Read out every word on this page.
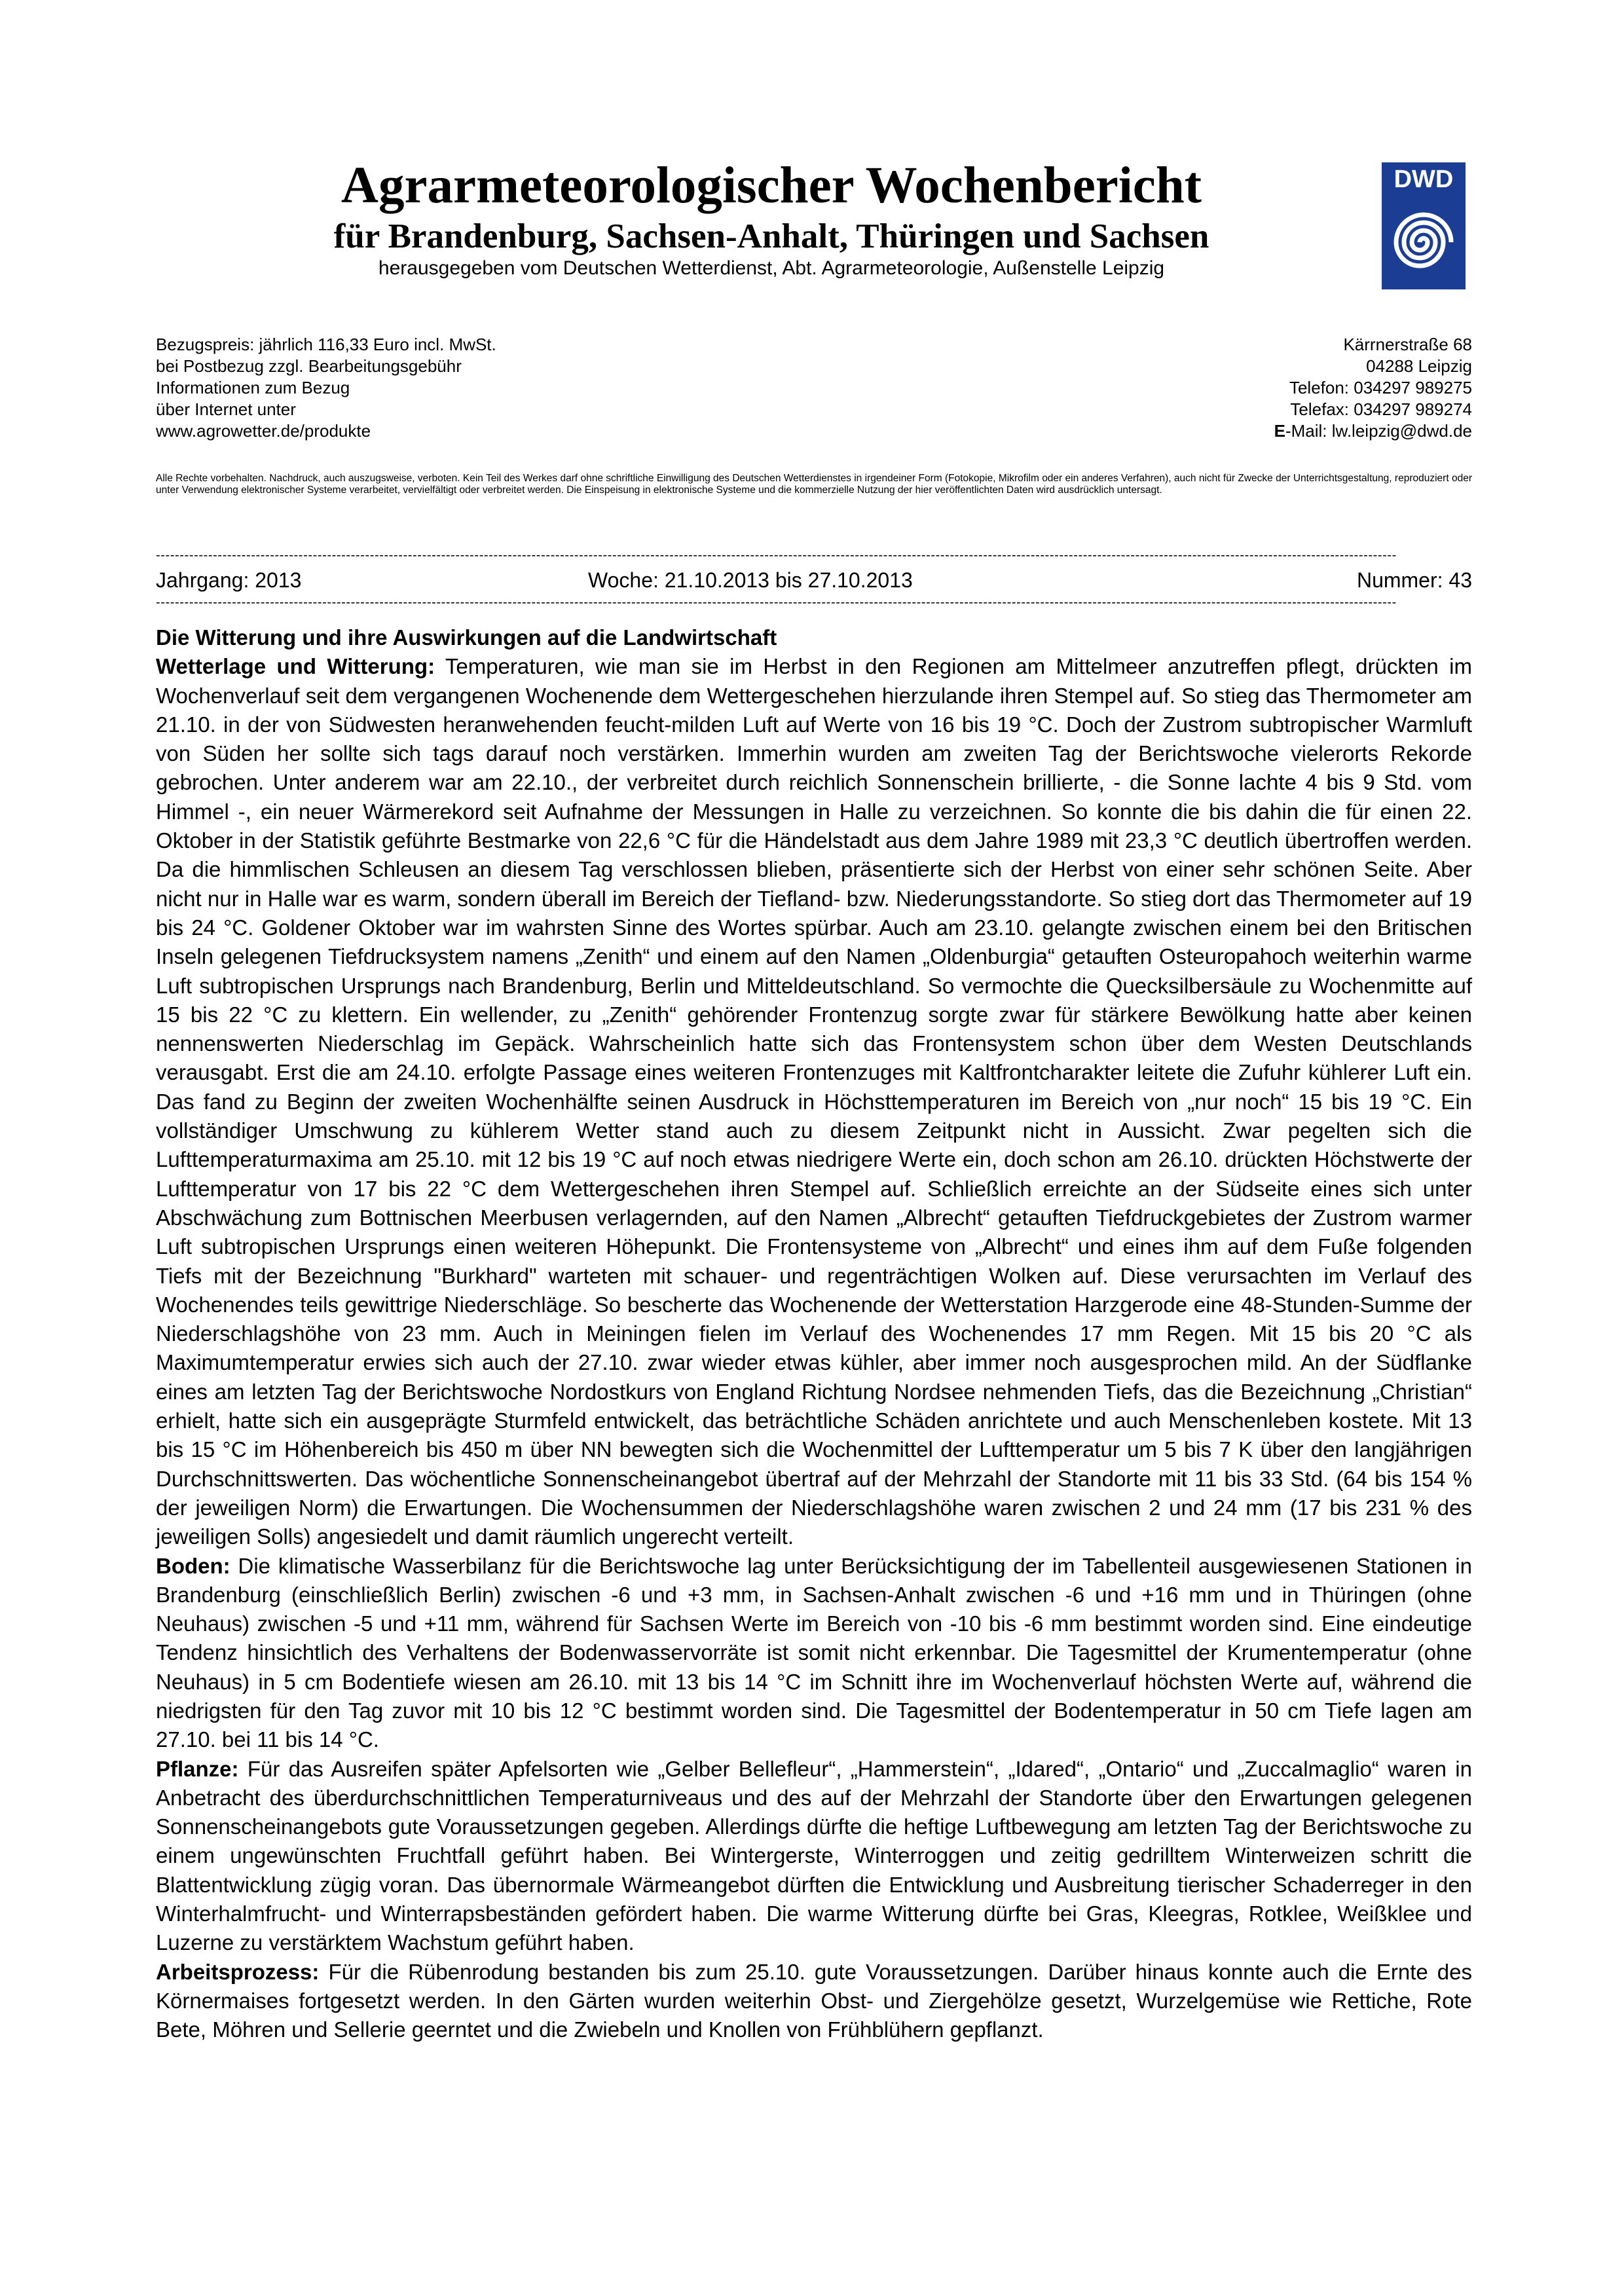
Agrarmeteorologischer Wochenbericht
für Brandenburg, Sachsen-Anhalt, Thüringen und Sachsen
herausgegeben vom Deutschen Wetterdienst, Abt. Agrarmeteorologie, Außenstelle Leipzig
DWD
Bezugspreis: jährlich 116,33 Euro incl. MwSt.
bei Postbezug zzgl. Bearbeitungsgebühr
Informationen zum Bezug
über Internet unter
www.agrowetter.de/produkte
Kärrnerstraße 68
04288 Leipzig
Telefon: 034297 989275
Telefax: 034297 989274
E-Mail: lw.leipzig@dwd.de
Alle Rechte vorbehalten. Nachdruck, auch auszugsweise, verboten. Kein Teil des Werkes darf ohne schriftliche Einwilligung des Deutschen Wetterdienstes in irgendeiner Form (Fotokopie, Mikrofilm oder ein anderes Verfahren), auch nicht für Zwecke der Unterrichtsgestaltung, reproduziert oder unter Verwendung elektronischer Systeme verarbeitet, vervielfältigt oder verbreitet werden. Die Einspeisung in elektronische Systeme und die kommerzielle Nutzung der hier veröffentlichten Daten wird ausdrücklich untersagt.
---------------------------------------------------------------------------------------------------------------------------------------------------------------------------------------------------------------------------------------------------------------------
Jahrgang: 2013	Woche: 21.10.2013 bis 27.10.2013	Nummer: 43
---------------------------------------------------------------------------------------------------------------------------------------------------------------------------------------------------------------------------------------------------------------------

Die Witterung und ihre Auswirkungen auf die Landwirtschaft

Wetterlage und Witterung: Temperaturen, wie man sie im Herbst in den Regionen am Mittelmeer anzutreffen pflegt, drückten im Wochenverlauf seit dem vergangenen Wochenende dem Wettergeschehen hierzulande ihren Stempel auf. So stieg das Thermometer am 21.10. in der von Südwesten heranwehenden feucht-milden Luft auf Werte von 16 bis 19 °C. Doch der Zustrom subtropischer Warmluft von Süden her sollte sich tags darauf noch verstärken. Immerhin wurden am zweiten Tag der Berichtswoche vielerorts Rekorde gebrochen. Unter anderem war am 22.10., der verbreitet durch reichlich Sonnenschein brillierte, - die Sonne lachte 4 bis 9 Std. vom Himmel -, ein neuer Wärmerekord seit Aufnahme der Messungen in Halle zu verzeichnen. So konnte die bis dahin die für einen 22. Oktober in der Statistik geführte Bestmarke von 22,6 °C für die Händelstadt aus dem Jahre 1989 mit 23,3 °C deutlich übertroffen werden. Da die himmlischen Schleusen an diesem Tag verschlossen blieben, präsentierte sich der Herbst von einer sehr schönen Seite. Aber nicht nur in Halle war es warm, sondern überall im Bereich der Tiefland- bzw. Niederungsstandorte. So stieg dort das Thermometer auf 19 bis 24 °C. Goldener Oktober war im wahrsten Sinne des Wortes spürbar. Auch am 23.10. gelangte zwischen einem bei den Britischen Inseln gelegenen Tiefdrucksystem namens „Zenith“ und einem auf den Namen „Oldenburgia“ getauften Osteuropahoch weiterhin warme Luft subtropischen Ursprungs nach Brandenburg, Berlin und Mitteldeutschland. So vermochte die Quecksilbersäule zu Wochenmitte auf 15 bis 22 °C zu klettern. Ein wellender, zu „Zenith“ gehörender Frontenzug sorgte zwar für stärkere Bewölkung hatte aber keinen nennenswerten Niederschlag im Gepäck. Wahrscheinlich hatte sich das Frontensystem schon über dem Westen Deutschlands verausgabt. Erst die am 24.10. erfolgte Passage eines weiteren Frontenzuges mit Kaltfrontcharakter leitete die Zufuhr kühlerer Luft ein. Das fand zu Beginn der zweiten Wochenhälfte seinen Ausdruck in Höchsttemperaturen im Bereich von „nur noch“ 15 bis 19 °C. Ein vollständiger Umschwung zu kühlerem Wetter stand auch zu diesem Zeitpunkt nicht in Aussicht. Zwar pegelten sich die Lufttemperaturmaxima am 25.10. mit 12 bis 19 °C auf noch etwas niedrigere Werte ein, doch schon am 26.10. drückten Höchstwerte der Lufttemperatur von 17 bis 22 °C dem Wettergeschehen ihren Stempel auf. Schließlich erreichte an der Südseite eines sich unter Abschwächung zum Bottnischen Meerbusen verlagernden, auf den Namen „Albrecht“ getauften Tiefdruckgebietes der Zustrom warmer Luft subtropischen Ursprungs einen weiteren Höhepunkt. Die Frontensysteme von „Albrecht“ und eines ihm auf dem Fuße folgenden Tiefs mit der Bezeichnung "Burkhard" warteten mit schauer- und regenträchtigen Wolken auf. Diese verursachten im Verlauf des Wochenendes teils gewittrige Niederschläge. So bescherte das Wochenende der Wetterstation Harzgerode eine 48-Stunden-Summe der Niederschlagshöhe von 23 mm. Auch in Meiningen fielen im Verlauf des Wochenendes 17 mm Regen. Mit 15 bis 20 °C als Maximumtemperatur erwies sich auch der 27.10. zwar wieder etwas kühler, aber immer noch ausgesprochen mild. An der Südflanke eines am letzten Tag der Berichtswoche Nordostkurs von England Richtung Nordsee nehmenden Tiefs, das die Bezeichnung „Christian“ erhielt, hatte sich ein ausgeprägte Sturmfeld entwickelt, das beträchtliche Schäden anrichtete und auch Menschenleben kostete. Mit 13 bis 15 °C im Höhenbereich bis 450 m über NN bewegten sich die Wochenmittel der Lufttemperatur um 5 bis 7 K über den langjährigen Durchschnittswerten. Das wöchentliche Sonnenscheinangebot übertraf auf der Mehrzahl der Standorte mit 11 bis 33 Std. (64 bis 154 % der jeweiligen Norm) die Erwartungen. Die Wochensummen der Niederschlagshöhe waren zwischen 2 und 24 mm (17 bis 231 % des jeweiligen Solls) angesiedelt und damit räumlich ungerecht verteilt.

Boden: Die klimatische Wasserbilanz für die Berichtswoche lag unter Berücksichtigung der im Tabellenteil ausgewiesenen Stationen in Brandenburg (einschließlich Berlin) zwischen -6 und +3 mm, in Sachsen-Anhalt zwischen -6 und +16 mm und in Thüringen (ohne Neuhaus) zwischen -5 und +11 mm, während für Sachsen Werte im Bereich von -10 bis -6 mm bestimmt worden sind. Eine eindeutige Tendenz hinsichtlich des Verhaltens der Bodenwasservorräte ist somit nicht erkennbar. Die Tagesmittel der Krumentemperatur (ohne Neuhaus) in 5 cm Bodentiefe wiesen am 26.10. mit 13 bis 14 °C im Schnitt ihre im Wochenverlauf höchsten Werte auf, während die niedrigsten für den Tag zuvor mit 10 bis 12 °C bestimmt worden sind. Die Tagesmittel der Bodentemperatur in 50 cm Tiefe lagen am 27.10. bei 11 bis 14 °C.

Pflanze: Für das Ausreifen später Apfelsorten wie „Gelber Bellefleur“, „Hammerstein“, „Idared“, „Ontario“ und „Zuccalmaglio“ waren in Anbetracht des überdurchschnittlichen Temperaturniveaus und des auf der Mehrzahl der Standorte über den Erwartungen gelegenen Sonnenscheinangebots gute Voraussetzungen gegeben. Allerdings dürfte die heftige Luftbewegung am letzten Tag der Berichtswoche zu einem ungewünschten Fruchtfall geführt haben. Bei Wintergerste, Winterroggen und zeitig gedrilltem Winterweizen schritt die Blattentwicklung zügig voran. Das übernormale Wärmeangebot dürften die Entwicklung und Ausbreitung tierischer Schaderreger in den Winterhalmfrucht- und Winterrapsbeständen gefördert haben. Die warme Witterung dürfte bei Gras, Kleegras, Rotklee, Weißklee und Luzerne zu verstärktem Wachstum geführt haben.

Arbeitsprozess: Für die Rübenrodung bestanden bis zum 25.10. gute Voraussetzungen. Darüber hinaus konnte auch die Ernte des Körnermaises fortgesetzt werden. In den Gärten wurden weiterhin Obst- und Ziergehölze gesetzt, Wurzelgemüse wie Rettiche, Rote Bete, Möhren und Sellerie geerntet und die Zwiebeln und Knollen von Frühblühern gepflanzt.
